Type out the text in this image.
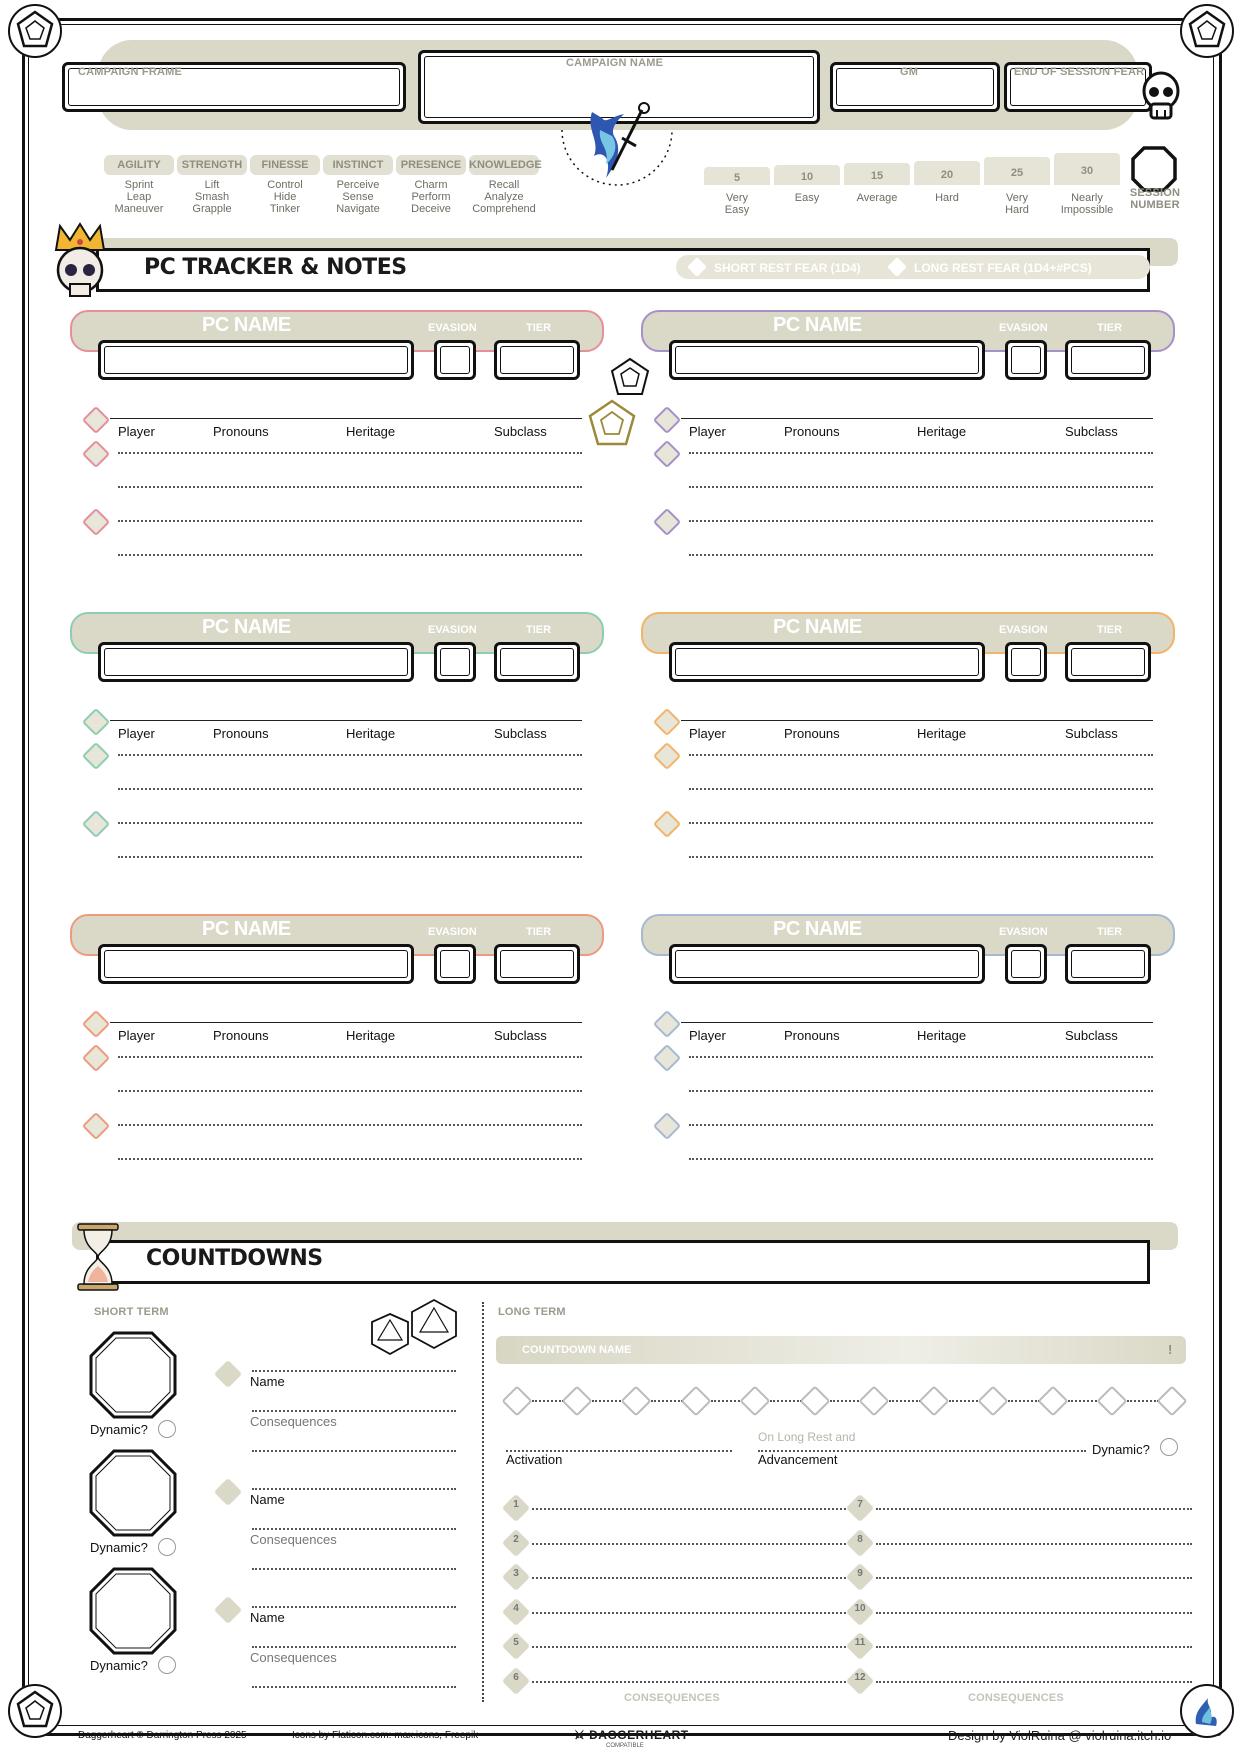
CAMPAIGN FRAME
CAMPAIGN NAME
GM	END OF SESSION FEAR
AGILITY
Sprint
Leap
Maneuver
STRENGTH
Lift
Smash
Grapple
FINESSE
Control
Hide
Tinker
INSTINCT
Perceive
Sense
Navigate
PRESENCE
Charm
Perform
Deceive
KNOWLEDGE
Recall
Analyze
Comprehend
5
Very
Easy
10
Easy
15
Average
20
Hard
25
Very
Hard
30
Nearly
Impossible
SESSION
NUMBER
PC TRACKER & NOTES	SHORT REST FEAR (1D4)	LONG REST FEAR (1D4+#PCS)
PC NAME	EVASION	TIER
Player	Pronouns	Heritage	Subclass
PC NAME	EVASION	TIER
Player	Pronouns	Heritage	Subclass
PC NAME	EVASION	TIER
Player	Pronouns	Heritage	Subclass
PC NAME	EVASION	TIER
Player	Pronouns	Heritage	Subclass
PC NAME	EVASION	TIER
Player	Pronouns	Heritage	Subclass
PC NAME	EVASION	TIER
Player	Pronouns	Heritage	Subclass
COUNTDOWNS
SHORT TERM
Dynamic?
Name
Consequences
Dynamic?
Name
Consequences
Dynamic?
Name
Consequences
LONG TERM
COUNTDOWN NAME	!
Activation
On Long Rest and
Advancement
Dynamic?
1	7
2	8
3	9
4	10
5	11
6	12
CONSEQUENCES	CONSEQUENCES
Daggerheart © Darrington Press 2025	Icons by Flaticon.com: max.icons, Freepik	⚔ DAGGERHEART
COMPATIBLE
Design by ViolRuina @ violruina.itch.io
